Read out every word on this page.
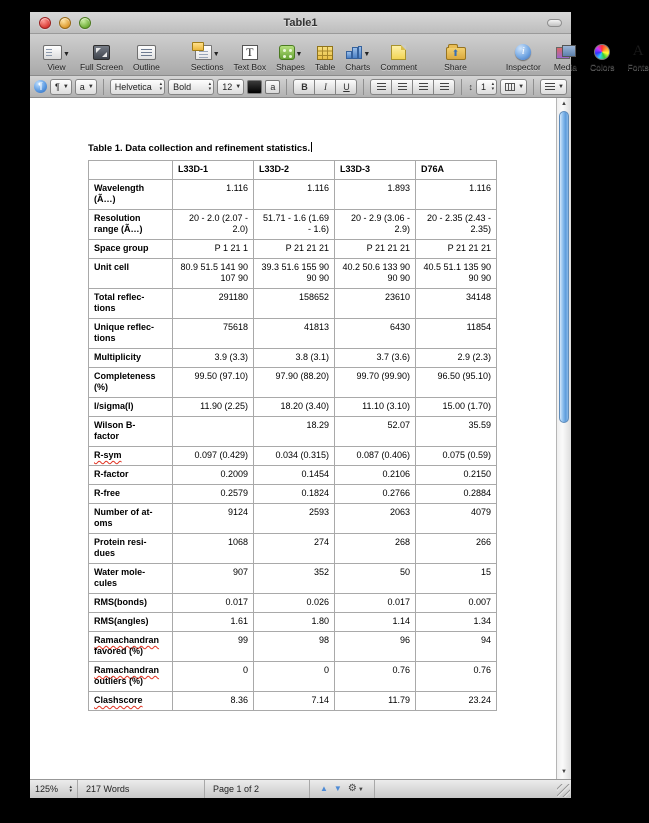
Table1
▼
View Full Screen Outline
▼
Sections
T Text Box
▼
Shapes Table
▼
Charts Comment
⬆	Share
i	Inspector Media Colors
A Fonts
¶	¶ ▼ a ▼ Helvetica	▴
▾ Bold	▴
▾ 12 ▼	a	B	I	U	↕ 1	▴
▾	▼	▼

Table 1. Data collection and refinement statistics.

	L33D-1	L33D-2	L33D-3	D76A
Wavelength
(Ã…)	1.116	1.116	1.893	1.116
Resolution
range (Ã…)	20 - 2.0 (2.07 - 2.0)	51.71 - 1.6 (1.69 - 1.6)	20 - 2.9 (3.06 - 2.9)	20 - 2.35 (2.43 - 2.35)
Space group	P 1 21 1	P 21 21 21	P 21 21 21	P 21 21 21
Unit cell	80.9 51.5 141 90 107 90	39.3 51.6 155 90 90 90	40.2 50.6 133 90 90 90	40.5 51.1 135 90 90 90
Total reflec-
tions	291180	158652	23610	34148
Unique reflec-
tions	75618	41813	6430	11854
Multiplicity	3.9 (3.3)	3.8 (3.1)	3.7 (3.6)	2.9 (2.3)
Completeness
(%)	99.50 (97.10)	97.90 (88.20)	99.70 (99.90)	96.50 (95.10)
I/sigma(I)	11.90 (2.25)	18.20 (3.40)	11.10 (3.10)	15.00 (1.70)
Wilson B-
factor		18.29	52.07	35.59
R-sym	0.097 (0.429)	0.034 (0.315)	0.087 (0.406)	0.075 (0.59)
R-factor	0.2009	0.1454	0.2106	0.2150
R-free	0.2579	0.1824	0.2766	0.2884
Number of at-
oms	9124	2593	2063	4079
Protein resi-
dues	1068	274	268	266
Water mole-
cules	907	352	50	15
RMS(bonds)	0.017	0.026	0.017	0.007
RMS(angles)	1.61	1.80	1.14	1.34
Ramachandran
favored (%)	99	98	96	94
Ramachandran
outliers (%)	0	0	0.76	0.76
Clashscore	8.36	7.14	11.79	23.24
▲
▼
125% ▴
▾ 217 Words	Page 1 of 2	▲ ▼ ⚙▼
